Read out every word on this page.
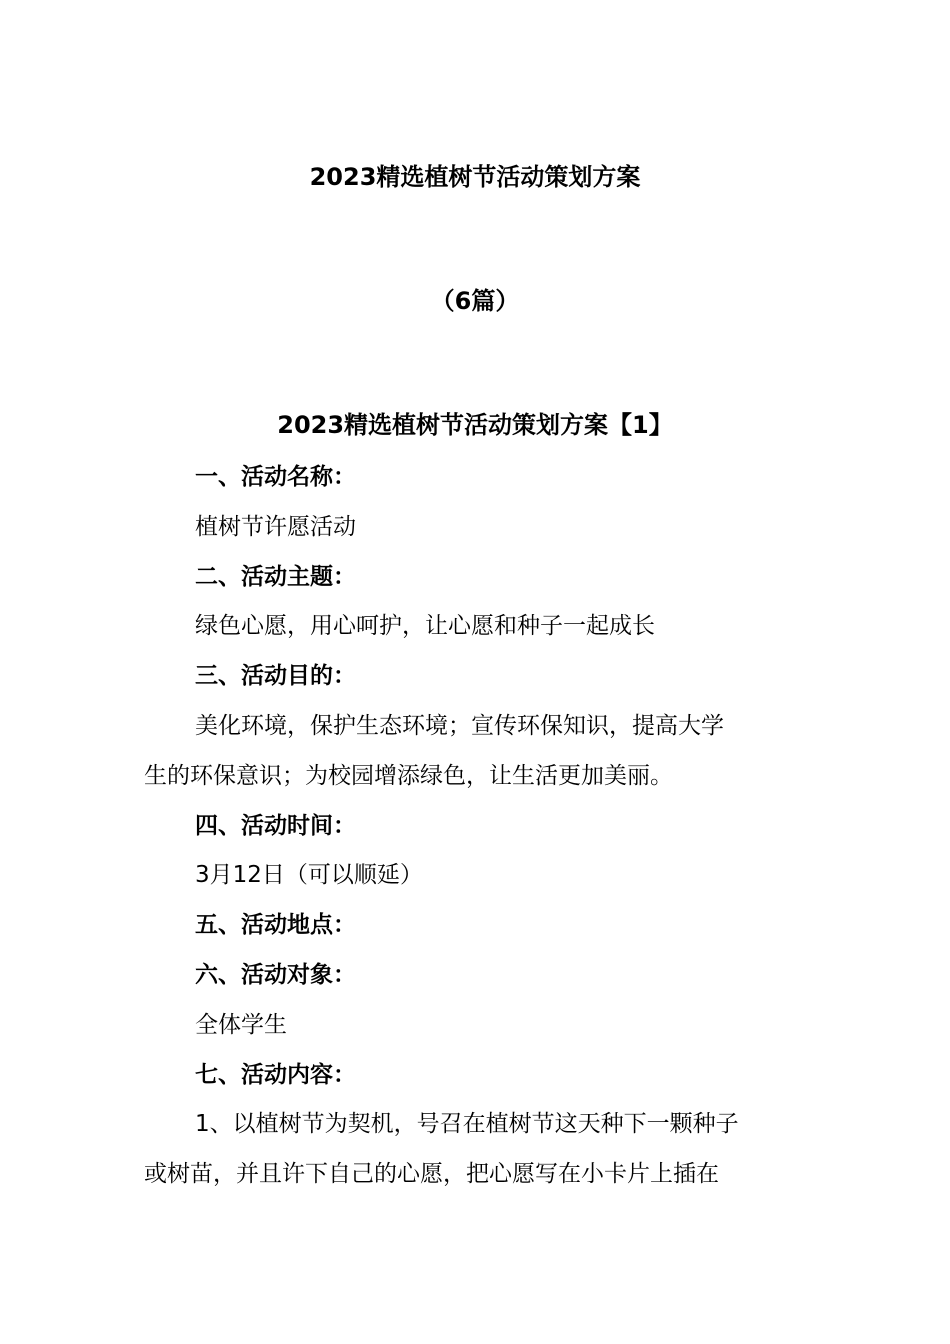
2023精选植树节活动策划方案
（6篇）
2023精选植树节活动策划方案【1】
一、活动名称：
植树节许愿活动
二、活动主题：
绿色心愿，用心呵护，让心愿和种子一起成长
三、活动目的：
美化环境，保护生态环境；宣传环保知识，提高大学
生的环保意识；为校园增添绿色，让生活更加美丽。
四、活动时间：
3月12日（可以顺延）
五、活动地点：
六、活动对象：
全体学生
七、活动内容：
1、以植树节为契机，号召在植树节这天种下一颗种子
或树苗，并且许下自己的心愿，把心愿写在小卡片上插在
